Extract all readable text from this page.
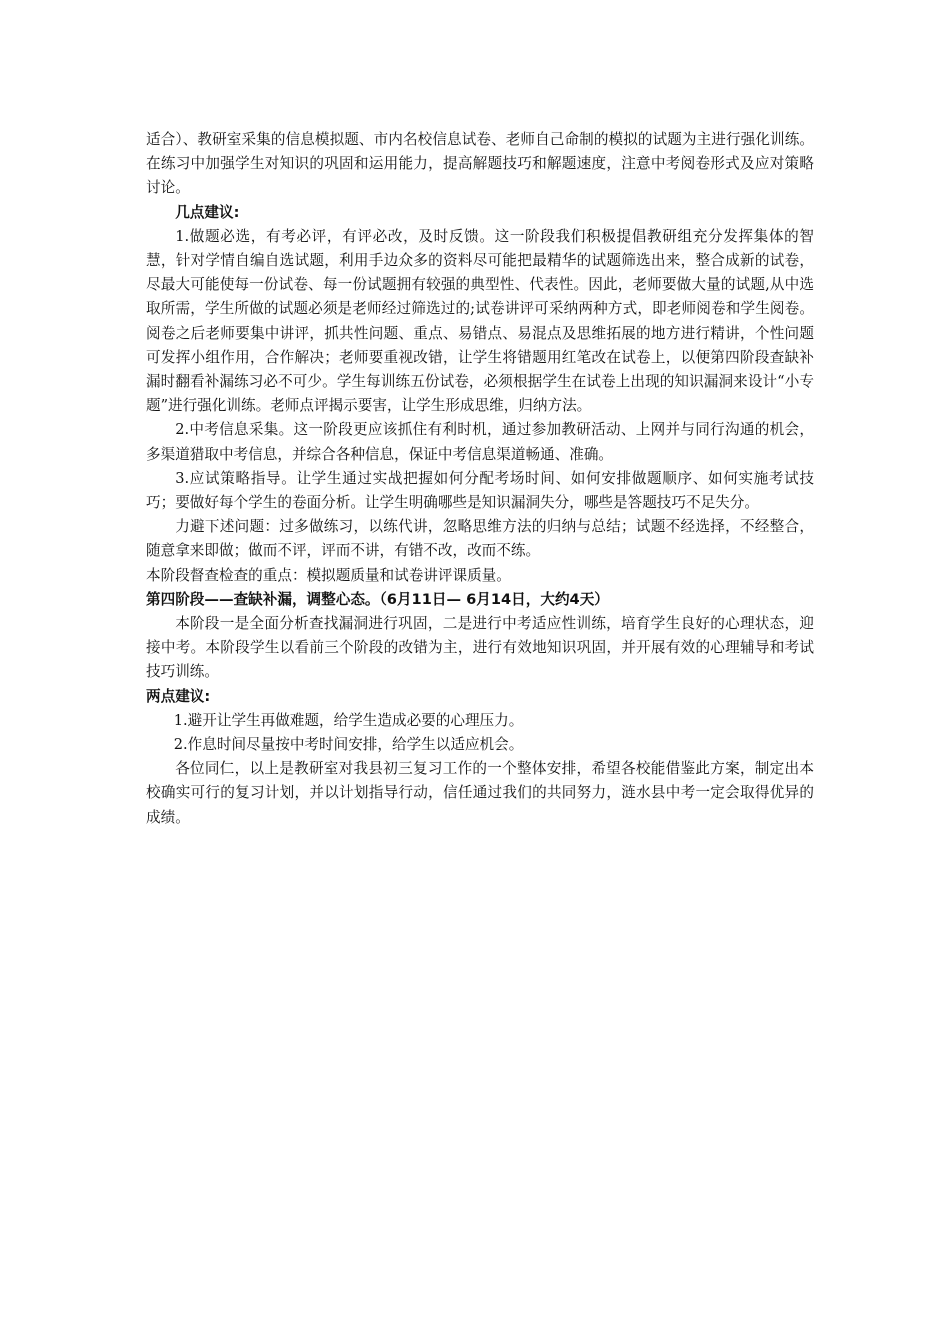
适合）、教研室采集的信息模拟题、市内名校信息试卷、老师自己命制的模拟的试题为主进行强化训练。在练习中加强学生对知识的巩固和运用能力，提高解题技巧和解题速度，注意中考阅卷形式及应对策略讨论。

几点建议:

1.做题必选，有考必评，有评必改，及时反馈。这一阶段我们积极提倡教研组充分发挥集体的智慧，针对学情自编自选试题，利用手边众多的资料尽可能把最精华的试题筛选出来，整合成新的试卷，尽最大可能使每一份试卷、每一份试题拥有较强的典型性、代表性。因此，老师要做大量的试题,从中选取所需，学生所做的试题必须是老师经过筛选过的;试卷讲评可采纳两种方式，即老师阅卷和学生阅卷。阅卷之后老师要集中讲评，抓共性问题、重点、易错点、易混点及思维拓展的地方进行精讲，个性问题可发挥小组作用，合作解决；老师要重视改错，让学生将错题用红笔改在试卷上，以便第四阶段查缺补漏时翻看补漏练习必不可少。学生每训练五份试卷，必须根据学生在试卷上出现的知识漏洞来设计“小专题”进行强化训练。老师点评揭示要害，让学生形成思维，归纳方法。

2.中考信息采集。这一阶段更应该抓住有利时机，通过参加教研活动、上网并与同行沟通的机会，多渠道猎取中考信息，并综合各种信息，保证中考信息渠道畅通、准确。

3.应试策略指导。让学生通过实战把握如何分配考场时间、如何安排做题顺序、如何实施考试技巧；要做好每个学生的卷面分析。让学生明确哪些是知识漏洞失分，哪些是答题技巧不足失分。

力避下述问题：过多做练习，以练代讲，忽略思维方法的归纳与总结；试题不经选择，不经整合，随意拿来即做；做而不评，评而不讲，有错不改，改而不练。

本阶段督查检查的重点：模拟题质量和试卷讲评课质量。

第四阶段——查缺补漏，调整心态。（6月11日— 6月14日，大约4天）

本阶段一是全面分析查找漏洞进行巩固，二是进行中考适应性训练，培育学生良好的心理状态，迎接中考。本阶段学生以看前三个阶段的改错为主，进行有效地知识巩固，并开展有效的心理辅导和考试技巧训练。

两点建议:

1.避开让学生再做难题，给学生造成必要的心理压力。

2.作息时间尽量按中考时间安排，给学生以适应机会。

各位同仁，以上是教研室对我县初三复习工作的一个整体安排，希望各校能借鉴此方案，制定出本校确实可行的复习计划，并以计划指导行动，信任通过我们的共同努力，涟水县中考一定会取得优异的成绩。
